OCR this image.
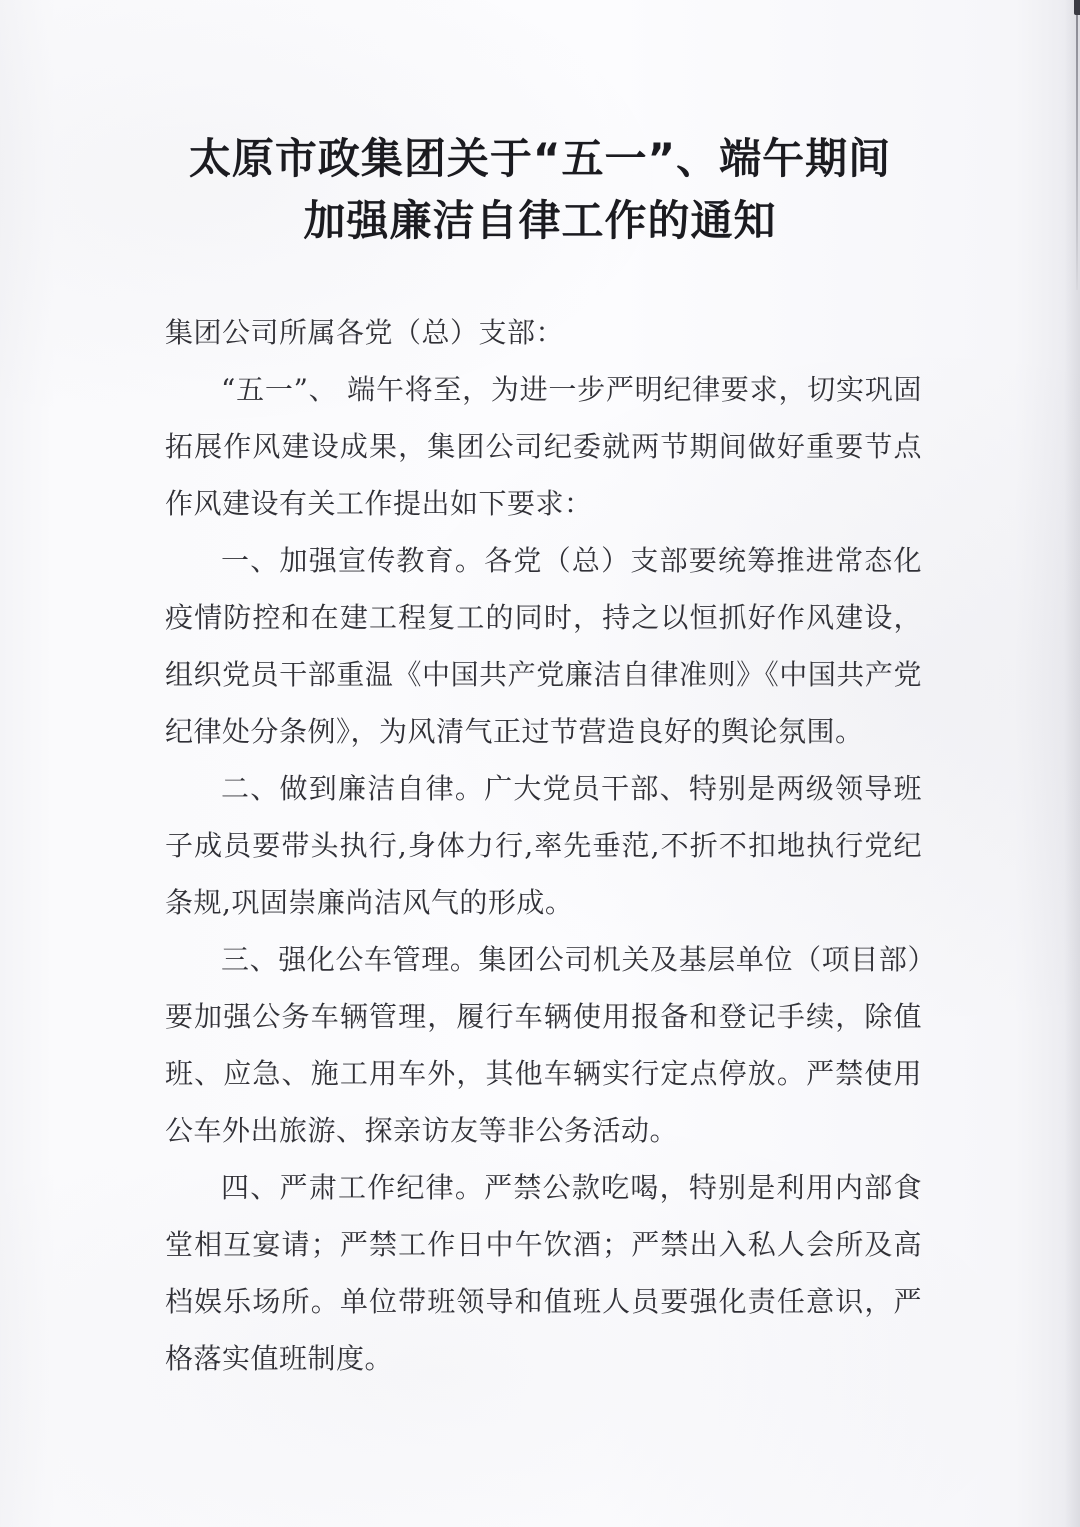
太原市政集团关于“五一”、端午期间
加强廉洁自律工作的通知

集团公司所属各党（总）支部：

“五一”、 端午将至，为进一步严明纪律要求，切实巩固拓展作风建设成果，集团公司纪委就两节期间做好重要节点作风建设有关工作提出如下要求：

一、加强宣传教育。各党（总）支部要统筹推进常态化疫情防控和在建工程复工的同时，持之以恒抓好作风建设，组织党员干部重温《中国共产党廉洁自律准则》《中国共产党纪律处分条例》，为风清气正过节营造良好的舆论氛围。

二、做到廉洁自律。广大党员干部、特别是两级领导班子成员要带头执行,身体力行,率先垂范,不折不扣地执行党纪条规,巩固崇廉尚洁风气的形成。

三、强化公车管理。集团公司机关及基层单位（项目部）要加强公务车辆管理，履行车辆使用报备和登记手续，除值班、应急、施工用车外，其他车辆实行定点停放。严禁使用公车外出旅游、探亲访友等非公务活动。

四、严肃工作纪律。严禁公款吃喝，特别是利用内部食堂相互宴请；严禁工作日中午饮酒；严禁出入私人会所及高档娱乐场所。单位带班领导和值班人员要强化责任意识，严格落实值班制度。
